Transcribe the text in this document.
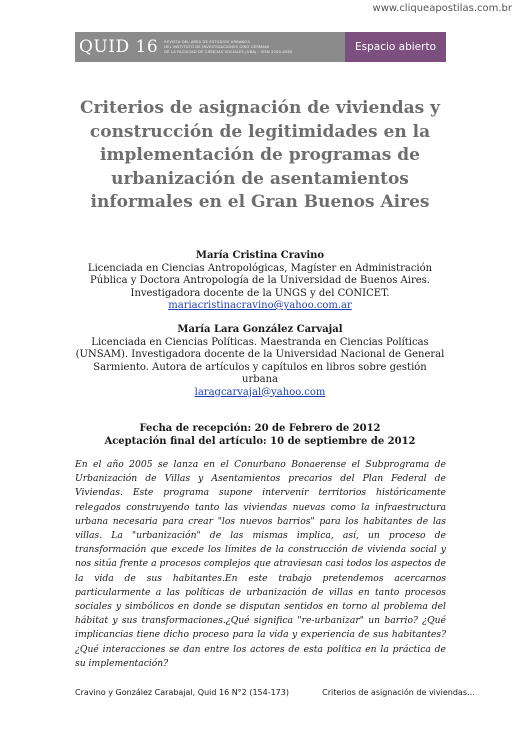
www.cliqueapostilas.com.br
QUID 16 REVISTA DEL ÁREA DE ESTUDIOS URBANOS
DEL INSTITUTO DE INVESTIGACIONES GINO GERMANI
DE LA FACULTAD DE CIENCIAS SOCIALES (UBA) · ISSN 2250-4060	Espacio abierto
Criterios de asignación de viviendas y construcción de legitimidades en la implementación de programas de urbanización de asentamientos informales en el Gran Buenos Aires
María Cristina Cravino
Licenciada en Ciencias Antropológicas, Magíster en Administración Pública y Doctora Antropología de la Universidad de Buenos Aires. Investigadora docente de la UNGS y del CONICET.
mariacristinacravino@yahoo.com.ar
María Lara González Carvajal
Licenciada en Ciencias Políticas. Maestranda en Ciencias Políticas (UNSAM). Investigadora docente de la Universidad Nacional de General Sarmiento. Autora de artículos y capítulos en libros sobre gestión urbana
laragcarvajal@yahoo.com
Fecha de recepción: 20 de Febrero de 2012
Aceptación final del artículo: 10 de septiembre de 2012
En el año 2005 se lanza en el Conurbano Bonaerense el Subprograma de Urbanización de Villas y Asentamientos precarios del Plan Federal de Viviendas. Este programa supone intervenir territorios históricamente relegados construyendo tanto las viviendas nuevas como la infraestructura urbana necesaria para crear "los nuevos barrios" para los habitantes de las villas. La "urbanización" de las mismas implica, así, un proceso de transformación que excede los límites de la construcción de vivienda social y nos sitúa frente a procesos complejos que atraviesan casi todos los aspectos de la vida de sus habitantes.En este trabajo pretendemos acercarnos particularmente a las políticas de urbanización de villas en tanto procesos sociales y simbólicos en donde se disputan sentidos en torno al problema del hábitat y sus transformaciones.¿Qué significa "re-urbanizar" un barrio? ¿Qué implicancias tiene dicho proceso para la vida y experiencia de sus habitantes? ¿Qué interacciones se dan entre los actores de esta política en la práctica de su implementación?
Cravino y González Carabajal, Quid 16 N°2 (154-173)	Criterios de asignación de viviendas…
